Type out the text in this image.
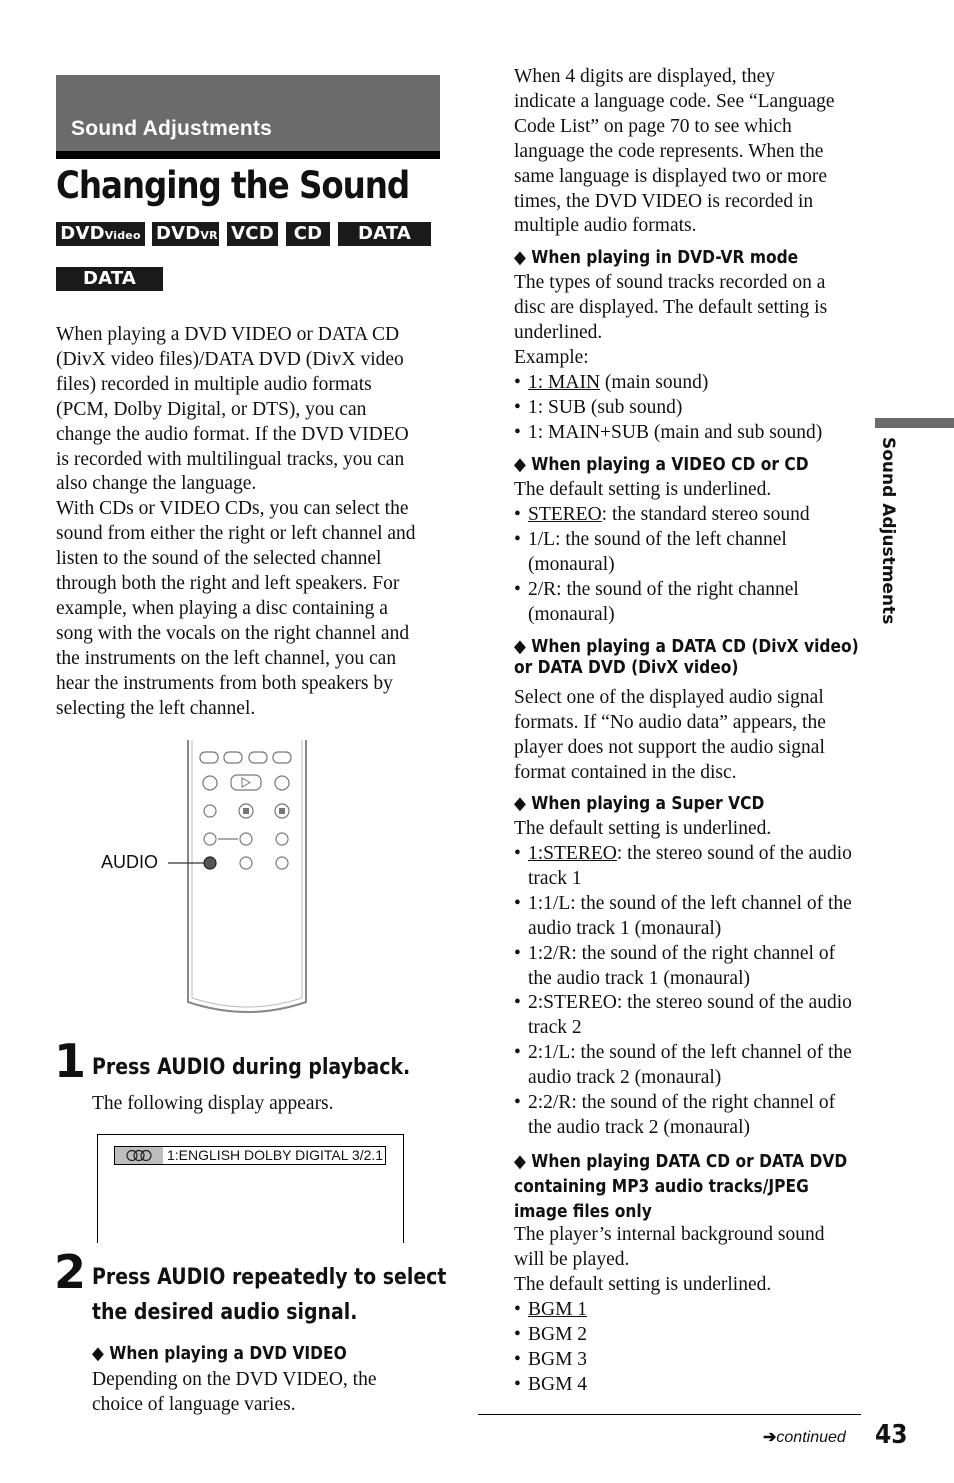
Sound Adjustments
Changing the Sound
DVDVideo DVDVR VCD	CD	DATA CD
DATA DVD
When playing a DVD VIDEO or DATA CD
(DivX video files)/DATA DVD (DivX video
files) recorded in multiple audio formats
(PCM, Dolby Digital, or DTS), you can
change the audio format. If the DVD VIDEO
is recorded with multilingual tracks, you can
also change the language.
With CDs or VIDEO CDs, you can select the
sound from either the right or left channel and
listen to the sound of the selected channel
through both the right and left speakers. For
example, when playing a disc containing a
song with the vocals on the right channel and
the instruments on the left channel, you can
hear the instruments from both speakers by
selecting the left channel.
AUDIO
1 Press AUDIO during playback.
The following display appears.
1:ENGLISH DOLBY DIGITAL 3/2.1
2 Press AUDIO repeatedly to select
the desired audio signal.
◆ When playing a DVD VIDEO
Depending on the DVD VIDEO, the
choice of language varies.
When 4 digits are displayed, they
indicate a language code. See “Language
Code List” on page 70 to see which
language the code represents. When the
same language is displayed two or more
times, the DVD VIDEO is recorded in
multiple audio formats.
◆ When playing in DVD-VR mode
The types of sound tracks recorded on a
disc are displayed. The default setting is
underlined.
Example:
• 1: MAIN (main sound)
• 1: SUB (sub sound)
• 1: MAIN+SUB (main and sub sound)
◆ When playing a VIDEO CD or CD
The default setting is underlined.
• STEREO: the standard stereo sound
• 1/L: the sound of the left channel (monaural)
• 2/R: the sound of the right channel (monaural)
◆ When playing a DATA CD (DivX video)
or DATA DVD (DivX video)
Select one of the displayed audio signal
formats. If “No audio data” appears, the
player does not support the audio signal
format contained in the disc.
◆ When playing a Super VCD
The default setting is underlined.
• 1:STEREO: the stereo sound of the audio track 1
• 1:1/L: the sound of the left channel of the audio track 1 (monaural)
• 1:2/R: the sound of the right channel of the audio track 1 (monaural)
• 2:STEREO: the stereo sound of the audio track 2
• 2:1/L: the sound of the left channel of the audio track 2 (monaural)
• 2:2/R: the sound of the right channel of the audio track 2 (monaural)
◆ When playing DATA CD or DATA DVD
containing MP3 audio tracks/JPEG
image files only
The player’s internal background sound
will be played.
The default setting is underlined.
• BGM 1
• BGM 2
• BGM 3
• BGM 4
Sound Adjustments
➔continued 43
